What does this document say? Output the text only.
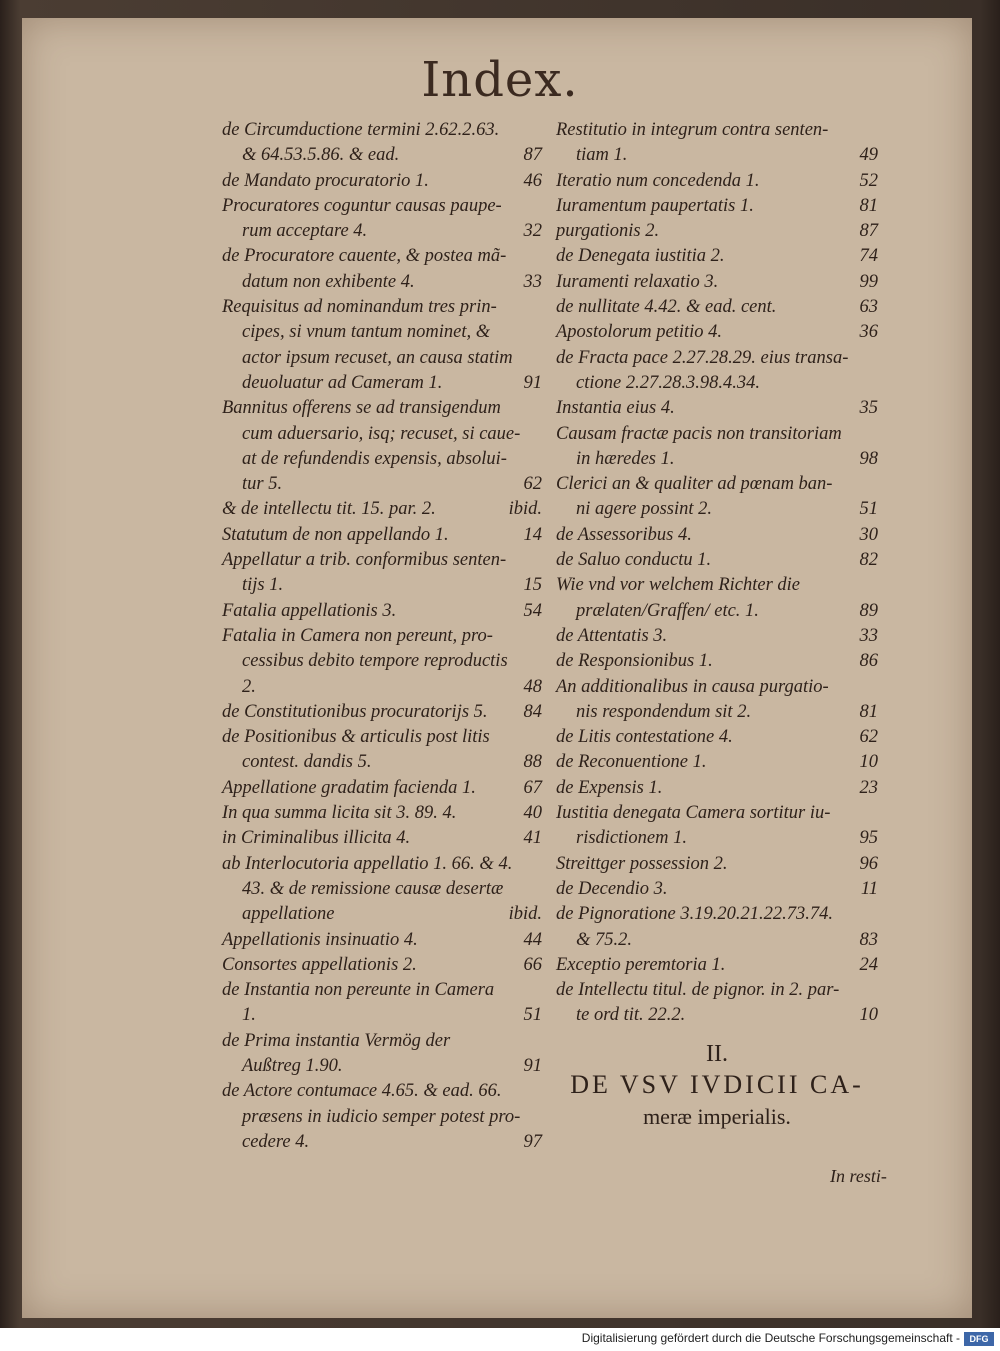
Index.
de Circumductione termini 2.62.2.63.
& 64.53.5.86. & ead.	87
de Mandato procuratorio 1.	46
Procuratores coguntur causas paupe-
rum acceptare 4.	32
de Procuratore cauente, & postea mã-
datum non exhibente 4.	33
Requisitus ad nominandum tres prin-
cipes, si vnum tantum nominet, &
actor ipsum recuset, an causa statim
deuoluatur ad Cameram 1.	91
Bannitus offerens se ad transigendum
cum aduersario, isq; recuset, si caue-
at de refundendis expensis, absolui-
tur 5.	62
& de intellectu tit. 15. par. 2.	ibid.
Statutum de non appellando 1.	14
Appellatur a trib. conformibus senten-
tijs 1.	15
Fatalia appellationis 3.	54
Fatalia in Camera non pereunt, pro-
cessibus debito tempore reproductis
2.	48
de Constitutionibus procuratorijs 5.	84
de Positionibus & articulis post litis
contest. dandis 5.	88
Appellatione gradatim facienda 1.	67
In qua summa licita sit 3. 89. 4.	40
in Criminalibus illicita 4.	41
ab Interlocutoria appellatio 1. 66. & 4.
43. & de remissione causæ desertæ
appellatione	ibid.
Appellationis insinuatio 4.	44
Consortes appellationis 2.	66
de Instantia non pereunte in Camera
1.	51
de Prima instantia Vermög der
Außtreg 1.90.	91
de Actore contumace 4.65. & ead. 66.
præsens in iudicio semper potest pro-
cedere 4.	97
Restitutio in integrum contra senten-
tiam 1.	49
Iteratio num concedenda 1.	52
Iuramentum paupertatis 1.	81
purgationis 2.	87
de Denegata iustitia 2.	74
Iuramenti relaxatio 3.	99
de nullitate 4.42. & ead. cent.	63
Apostolorum petitio 4.	36
de Fracta pace 2.27.28.29. eius transa-
ctione 2.27.28.3.98.4.34.
Instantia eius 4.	35
Causam fractæ pacis non transitoriam
in hæredes 1.	98
Clerici an & qualiter ad pœnam ban-
ni agere possint 2.	51
de Assessoribus 4.	30
de Saluo conductu 1.	82
Wie vnd vor welchem Richter die
prælaten/Graffen/ etc. 1.	89
de Attentatis 3.	33
de Responsionibus 1.	86
An additionalibus in causa purgatio-
nis respondendum sit 2.	81
de Litis contestatione 4.	62
de Reconuentione 1.	10
de Expensis 1.	23
Iustitia denegata Camera sortitur iu-
risdictionem 1.	95
Streittger possession 2.	96
de Decendio 3.	11
de Pignoratione 3.19.20.21.22.73.74.
& 75.2.	83
Exceptio peremtoria 1.	24
de Intellectu titul. de pignor. in 2. par-
te ord tit. 22.2.	10
II.
DE VSV IVDICII CA-
meræ imperialis.
In resti-
Digitalisierung gefördert durch die Deutsche Forschungsgemeinschaft -	DFG
